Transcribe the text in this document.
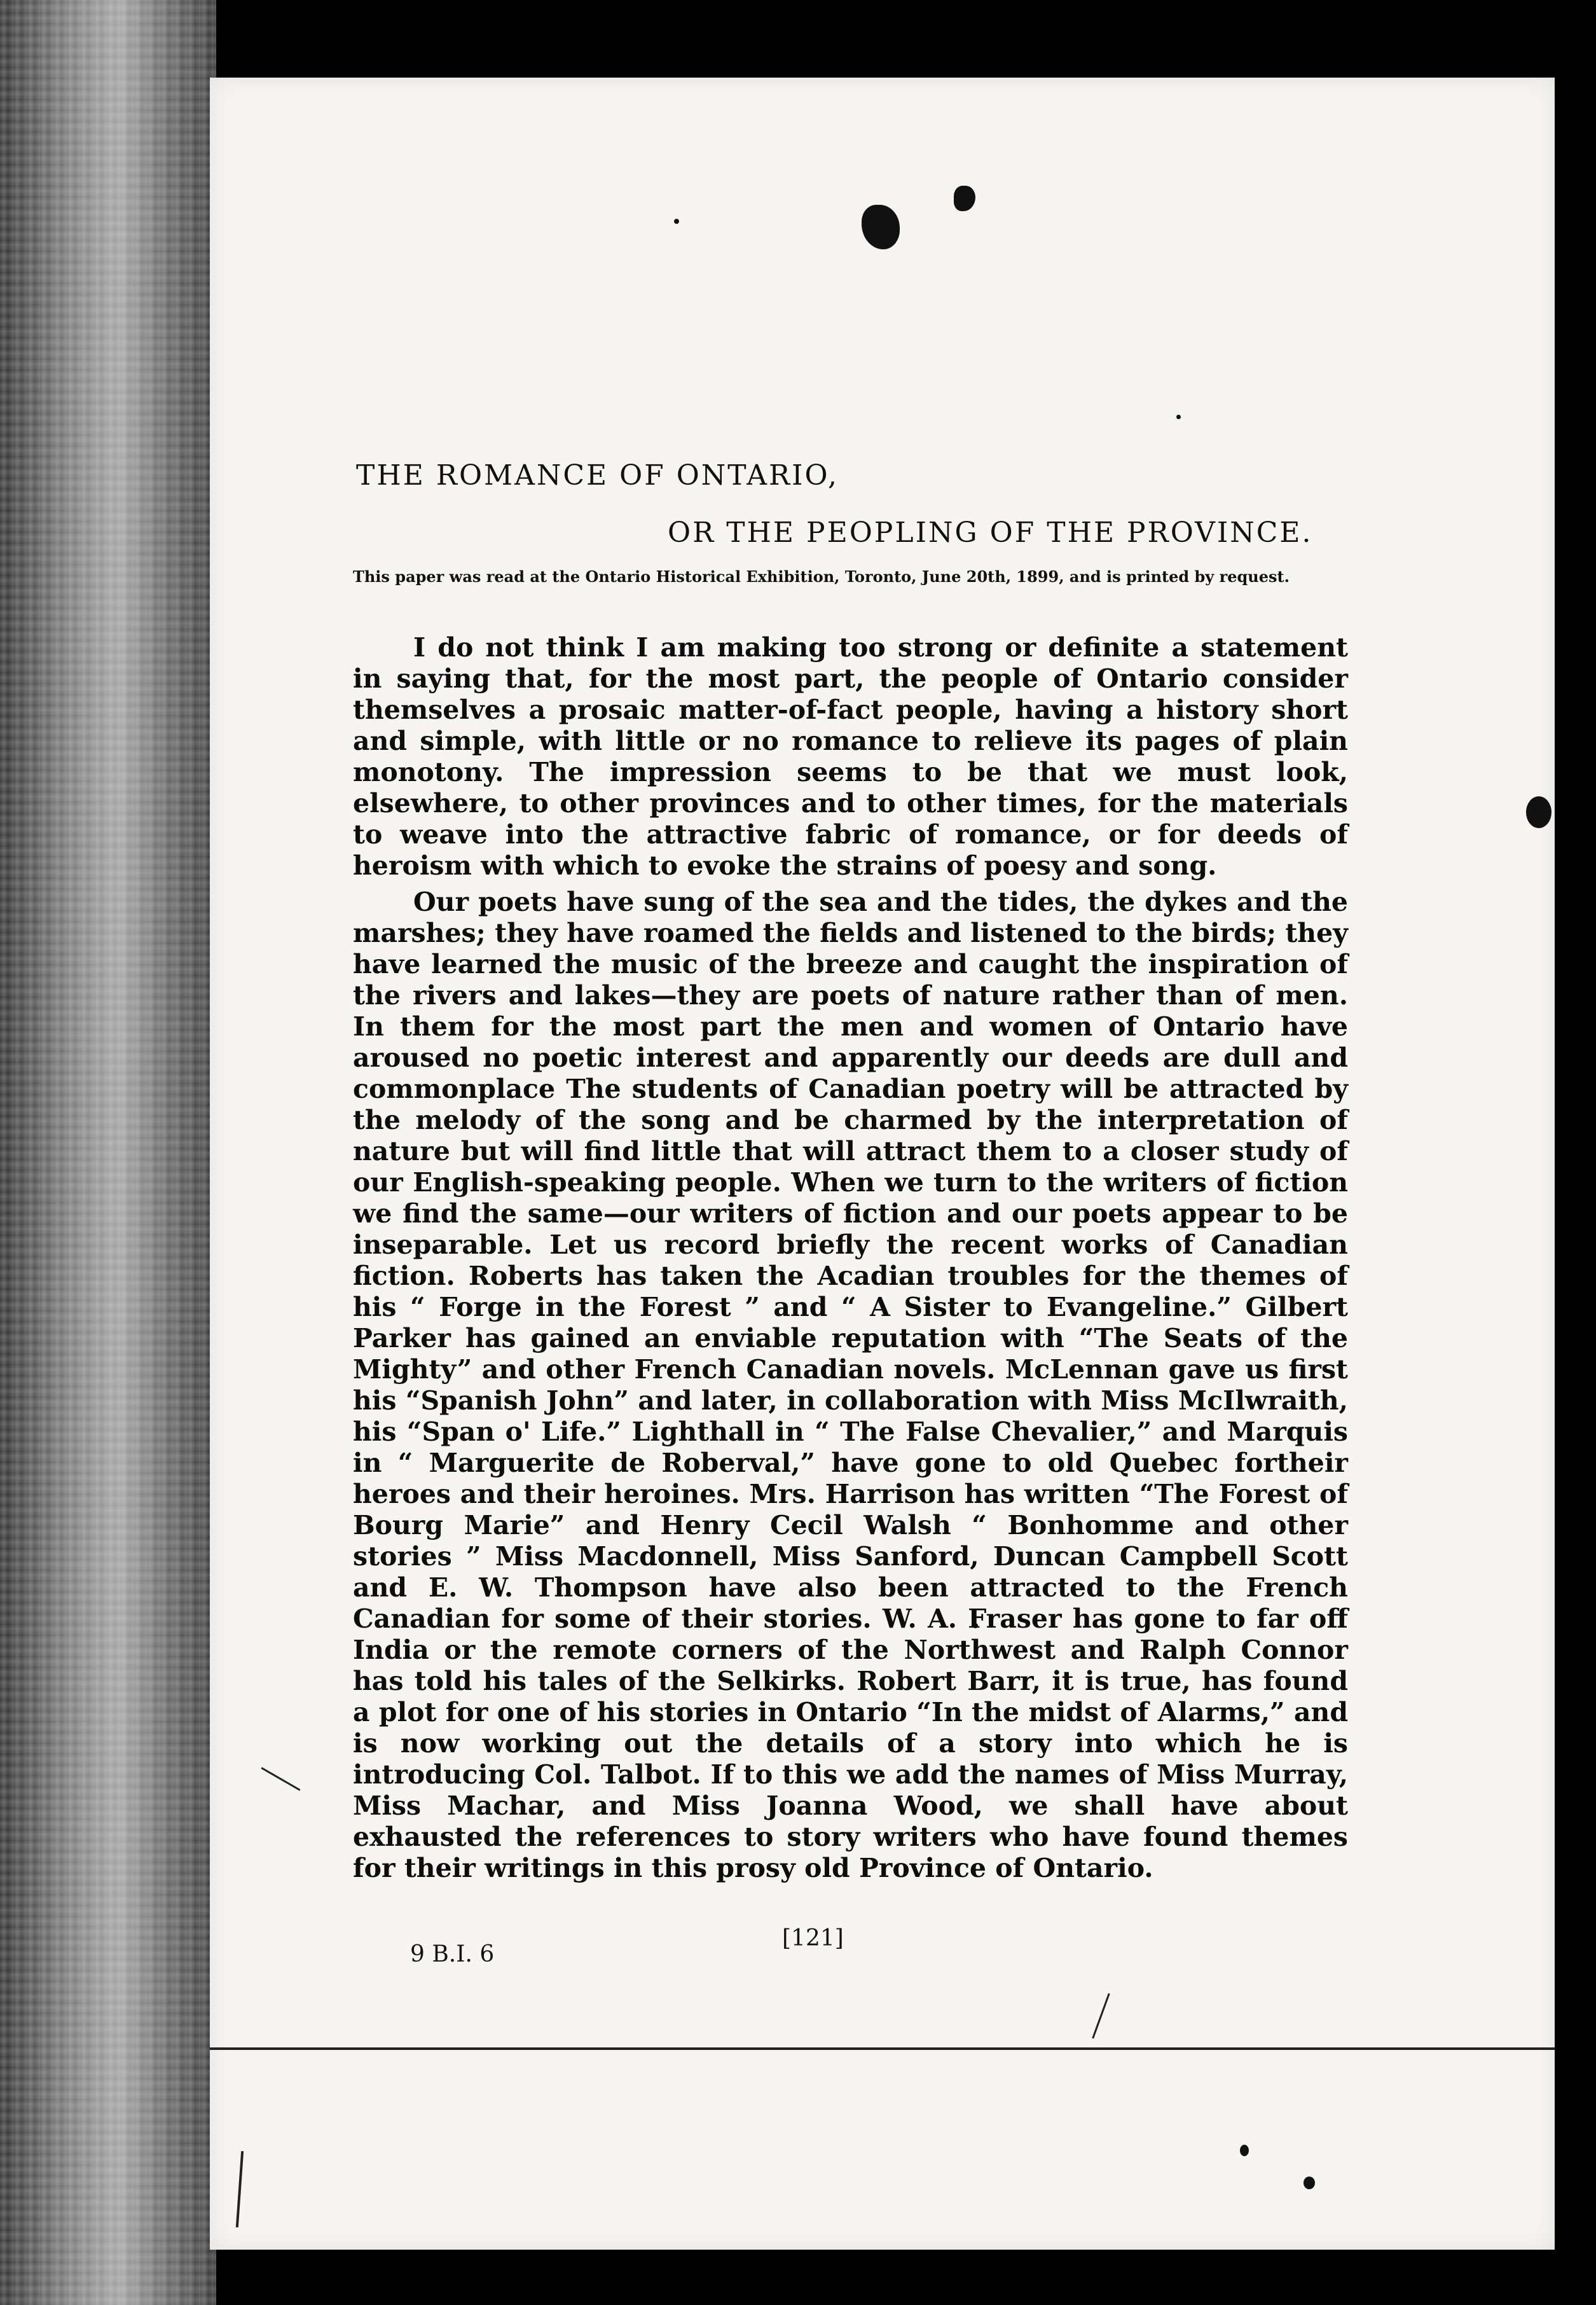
THE ROMANCE OF ONTARIO,
OR THE PEOPLING OF THE PROVINCE.
This paper was read at the Ontario Historical Exhibition, Toronto, June 20th, 1899, and is printed by request.

I do not think I am making too strong or definite a statement in saying that, for the most part, the people of Ontario consider themselves a prosaic matter-of-fact people, having a history short and simple, with little or no romance to relieve its pages of plain monotony. The impression seems to be that we must look, elsewhere, to other provinces and to other times, for the materials to weave into the attractive fabric of romance, or for deeds of heroism with which to evoke the strains of poesy and song.

Our poets have sung of the sea and the tides, the dykes and the marshes; they have roamed the fields and listened to the birds; they have learned the music of the breeze and caught the inspiration of the rivers and lakes—they are poets of nature rather than of men. In them for the most part the men and women of Ontario have aroused no poetic interest and apparently our deeds are dull and commonplace The students of Canadian poetry will be attracted by the melody of the song and be charmed by the interpretation of nature but will find little that will attract them to a closer study of our English-speaking people. When we turn to the writers of fiction we find the same—our writers of fiction and our poets appear to be inseparable. Let us record briefly the recent works of Canadian fiction. Roberts has taken the Acadian troubles for the themes of his “ Forge in the Forest ” and “ A Sister to Evangeline.” Gilbert Parker has gained an enviable reputation with “The Seats of the Mighty” and other French Canadian novels. McLennan gave us first his “Spanish John” and later, in collaboration with Miss McIlwraith, his “Span o' Life.” Lighthall in “ The False Chevalier,” and Marquis in “ Marguerite de Roberval,” have gone to old Quebec fortheir heroes and their heroines. Mrs. Harrison has written “The Forest of Bourg Marie” and Henry Cecil Walsh “ Bonhomme and other stories ” Miss Macdonnell, Miss Sanford, Duncan Campbell Scott and E. W. Thompson have also been attracted to the French Canadian for some of their stories. W. A. Fraser has gone to far off India or the remote corners of the Northwest and Ralph Connor has told his tales of the Selkirks. Robert Barr, it is true, has found a plot for one of his stories in Ontario “In the midst of Alarms,” and is now working out the details of a story into which he is introducing Col. Talbot. If to this we add the names of Miss Murray, Miss Machar, and Miss Joanna Wood, we shall have about exhausted the references to story writers who have found themes for their writings in this prosy old Province of Ontario.

9 B.I. 6
[121]
